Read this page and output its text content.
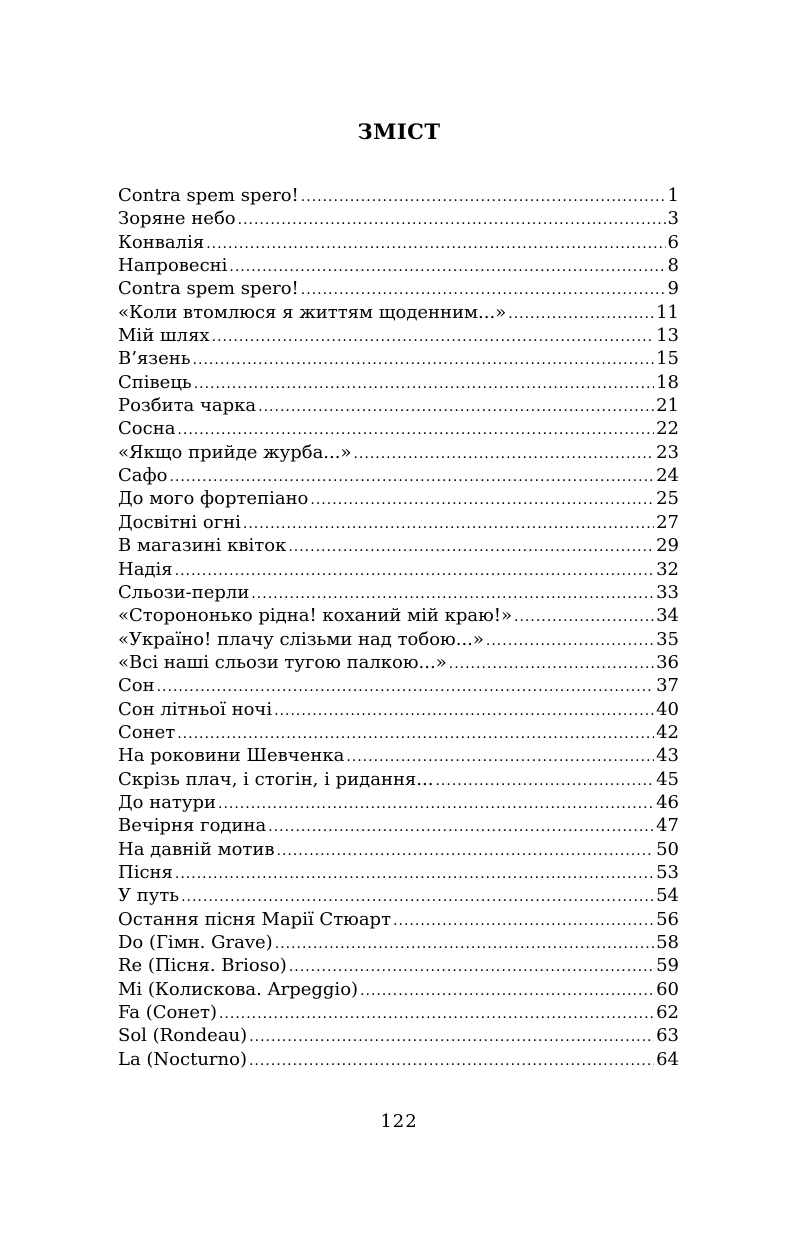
ЗМІСТ
Contra spem spero! .....	1
Зоряне небо .....	3
Конвалія .....	6
Напровесні .....	8
Contra spem spero! .....	9
«Коли втомлюся я життям щоденним...» .....	11
Мій шлях .....	13
В’язень .....	15
Співець .....	18
Розбита чарка .....	21
Сосна .....	22
«Якщо прийде журба...» .....	23
Сафо .....	24
До мого фортепіано .....	25
Досвітні огні .....	27
В магазині квіток .....	29
Надія .....	32
Сльози-перли .....	33
«Сторононько рідна! коханий мій краю!» .....	34
«Україно! плачу слізьми над тобою...» .....	35
«Всі наші сльози тугою палкою...» .....	36
Сон .....	37
Сон літньої ночі .....	40
Сонет .....	42
На роковини Шевченка .....	43
Скрізь плач, і стогін, і ридання... .....	45
До натури .....	46
Вечірня година .....	47
На давній мотив .....	50
Пісня .....	53
У путь .....	54
Остання пісня Марії Стюарт .....	56
Do (Гімн. Grave) .....	58
Re (Пісня. Brioso) .....	59
Mi (Колискова. Arpeggio) .....	60
Fa (Сонет) .....	62
Sol (Rondeau) .....	63
La (Nocturno) .....	64
122
